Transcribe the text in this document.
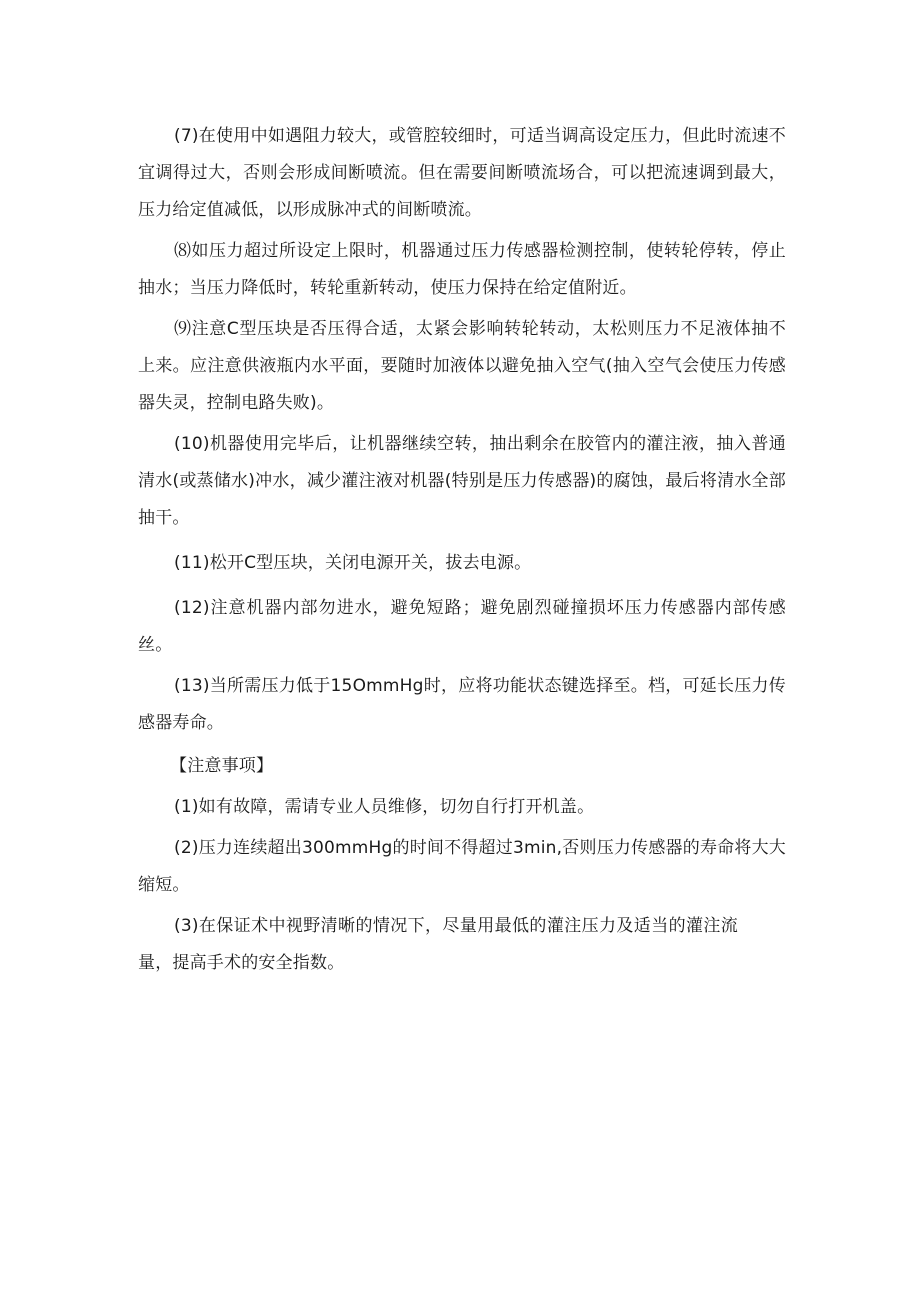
(7)在使用中如遇阻力较大，或管腔较细时，可适当调高设定压力，但此时流速不宜调得过大，否则会形成间断喷流。但在需要间断喷流场合，可以把流速调到最大，压力给定值减低，以形成脉冲式的间断喷流。

⑻如压力超过所设定上限时，机器通过压力传感器检测控制，使转轮停转，停止抽水；当压力降低时，转轮重新转动，使压力保持在给定值附近。

⑼注意C型压块是否压得合适，太紧会影响转轮转动，太松则压力不足液体抽不上来。应注意供液瓶内水平面，要随时加液体以避免抽入空气(抽入空气会使压力传感器失灵，控制电路失败)。

(10)机器使用完毕后，让机器继续空转，抽出剩余在胶管内的灌注液，抽入普通清水(或蒸储水)冲水，减少灌注液对机器(特别是压力传感器)的腐蚀，最后将清水全部抽干。

(11)松开C型压块，关闭电源开关，拔去电源。

(12)注意机器内部勿进水，避免短路；避免剧烈碰撞损坏压力传感器内部传感丝。

(13)当所需压力低于15OmmHg时，应将功能状态键选择至。档，可延长压力传感器寿命。

【注意事项】

(1)如有故障，需请专业人员维修，切勿自行打开机盖。

(2)压力连续超出300mmHg的时间不得超过3min,否则压力传感器的寿命将大大缩短。

(3)在保证术中视野清晰的情况下，尽量用最低的灌注压力及适当的灌注流量，提高手术的安全指数。
